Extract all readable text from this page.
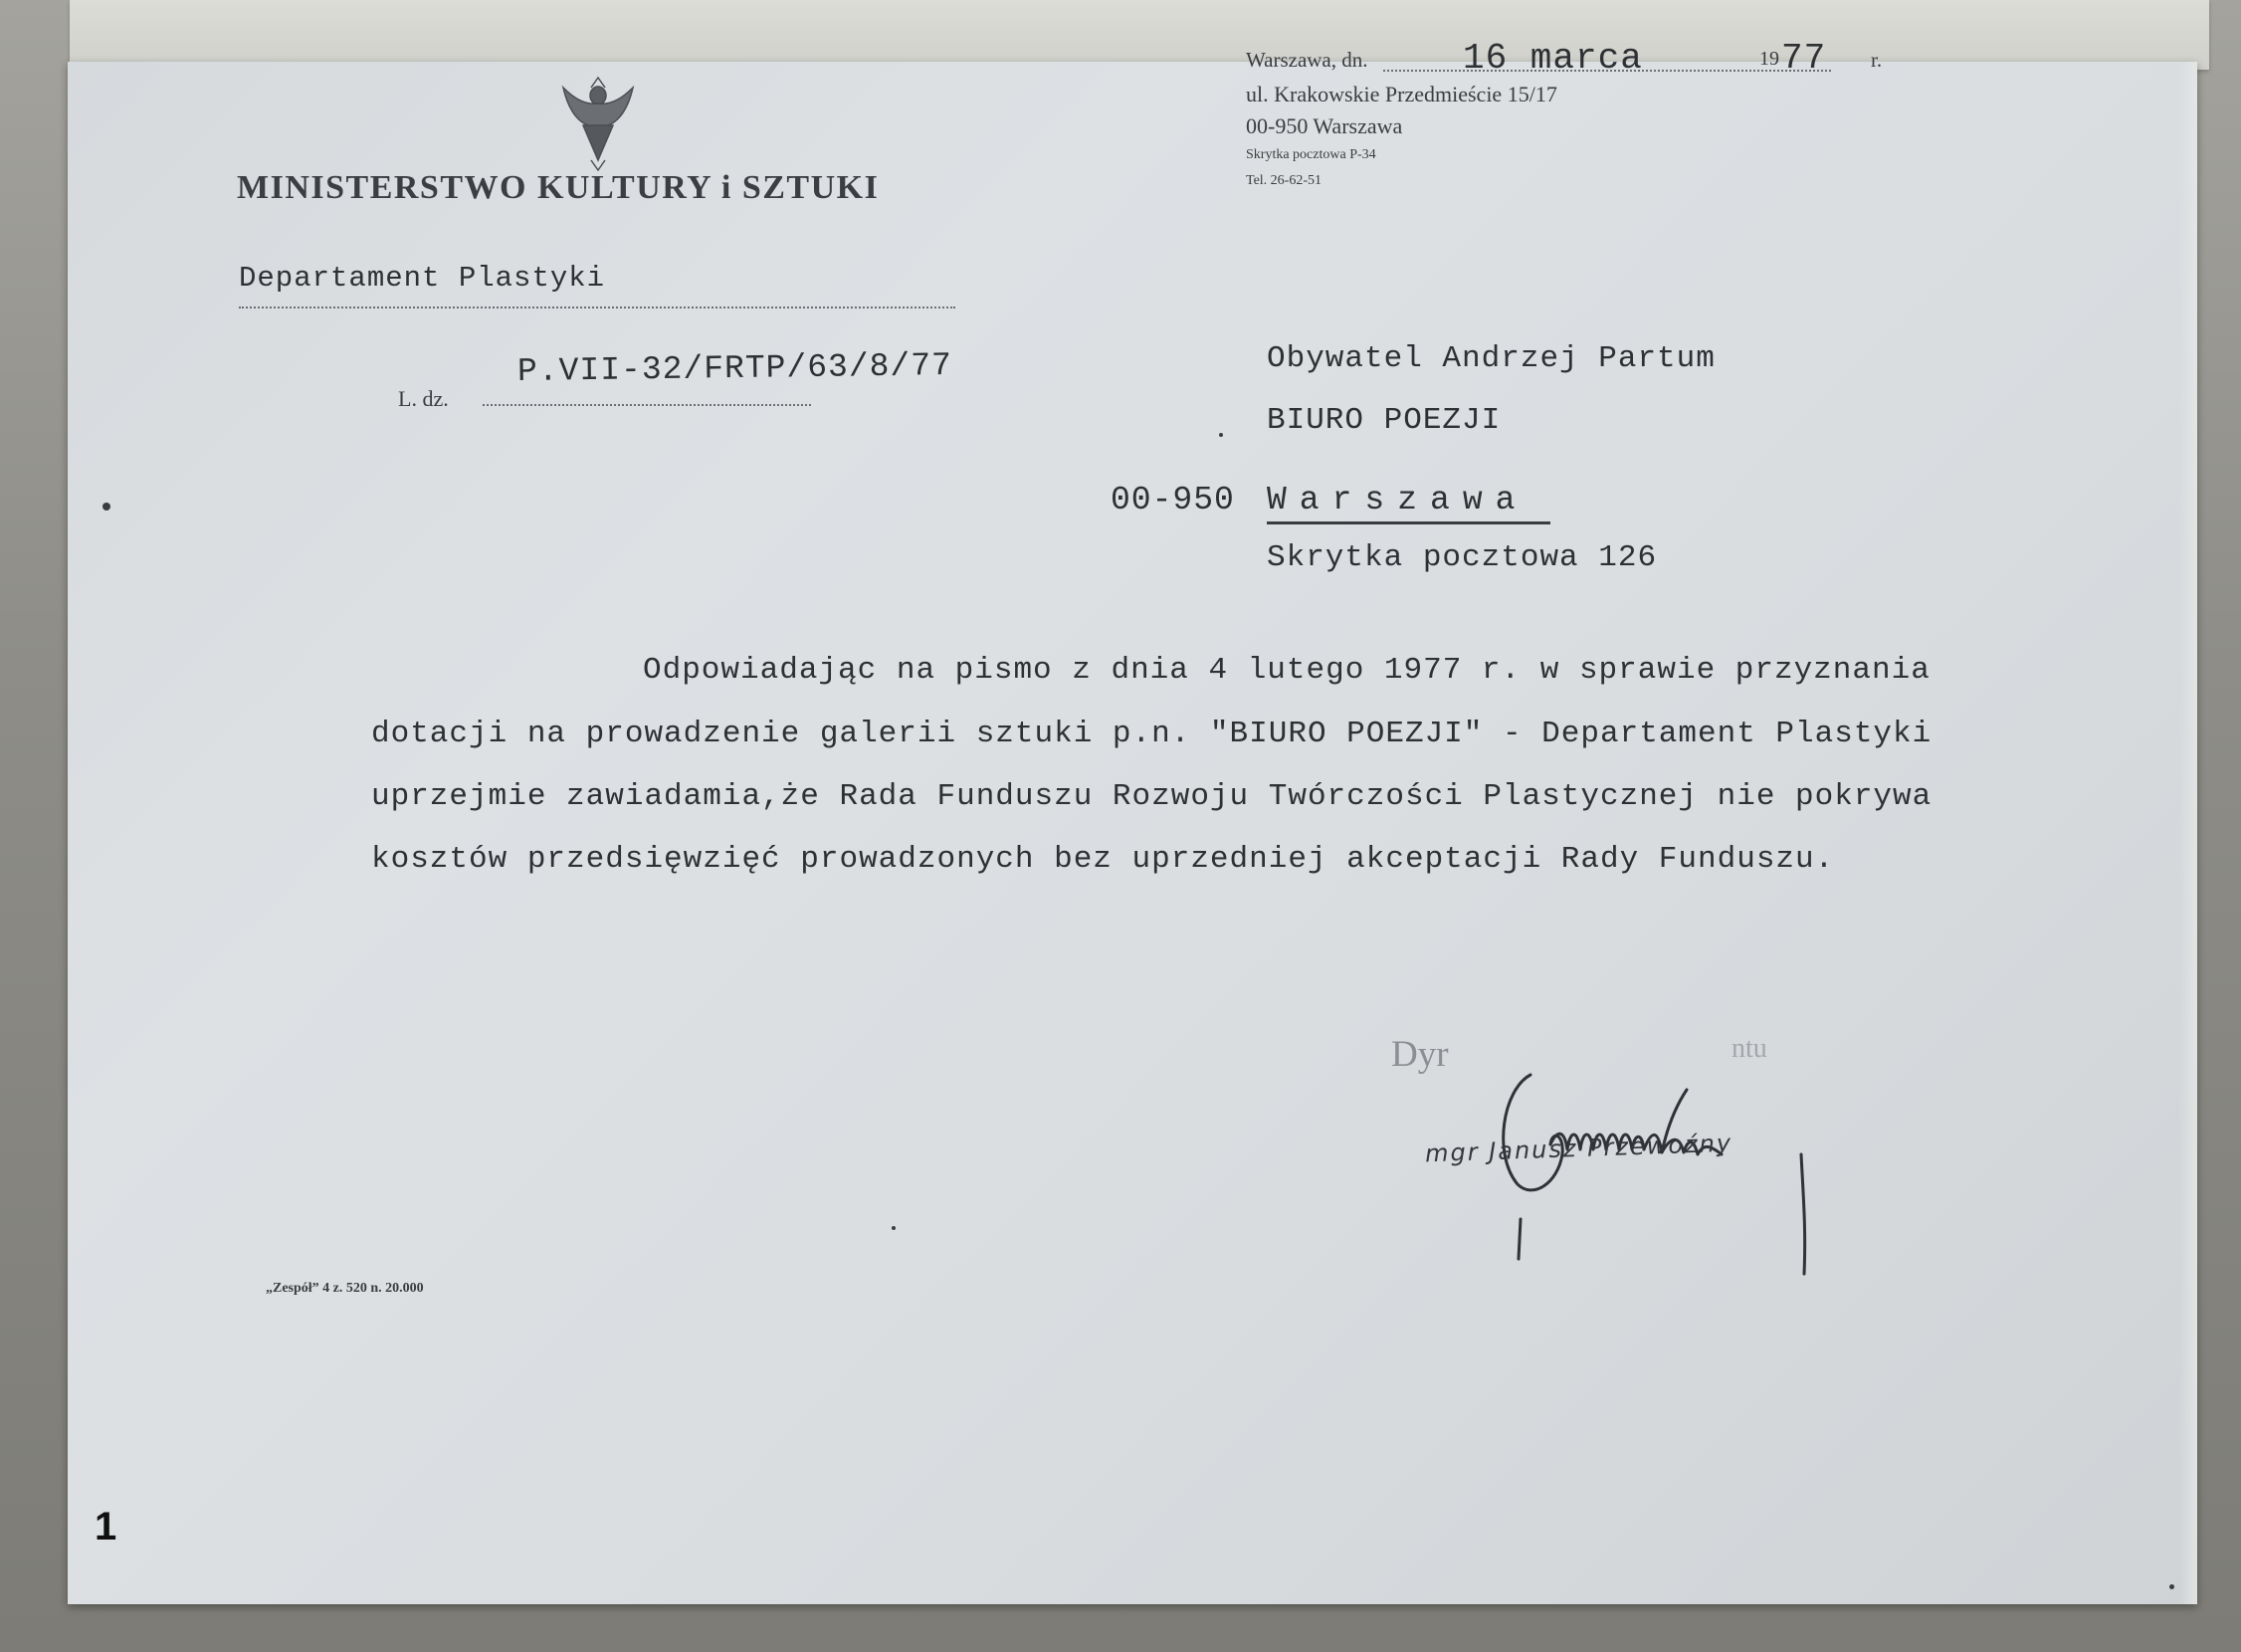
MINISTERSTWO KULTURY i SZTUKI
Departament Plastyki
L. dz.
P.VII-32/FRTP/63/8/77
Warszawa, dn.	16 marca	19 77 r.
ul. Krakowskie Przedmieście 15/17
00-950 Warszawa
Skrytka pocztowa P-34
Tel. 26-62-51
Obywatel Andrzej Partum
BIURO POEZJI
00-950 Warszawa
Skrytka pocztowa 126
Odpowiadając na pismo z dnia 4 lutego 1977 r. w sprawie przyznania
dotacji na prowadzenie galerii sztuki p.n. "BIURO POEZJI" - Departament Plastyki
uprzejmie zawiadamia,że Rada Funduszu Rozwoju Twórczości Plastycznej nie pokrywa
kosztów przedsięwzięć prowadzonych bez uprzedniej akceptacji Rady Funduszu.
Dyr	ntu
mgr Janusz Przewoźny
„Zespół” 4 z. 520 n. 20.000
1
